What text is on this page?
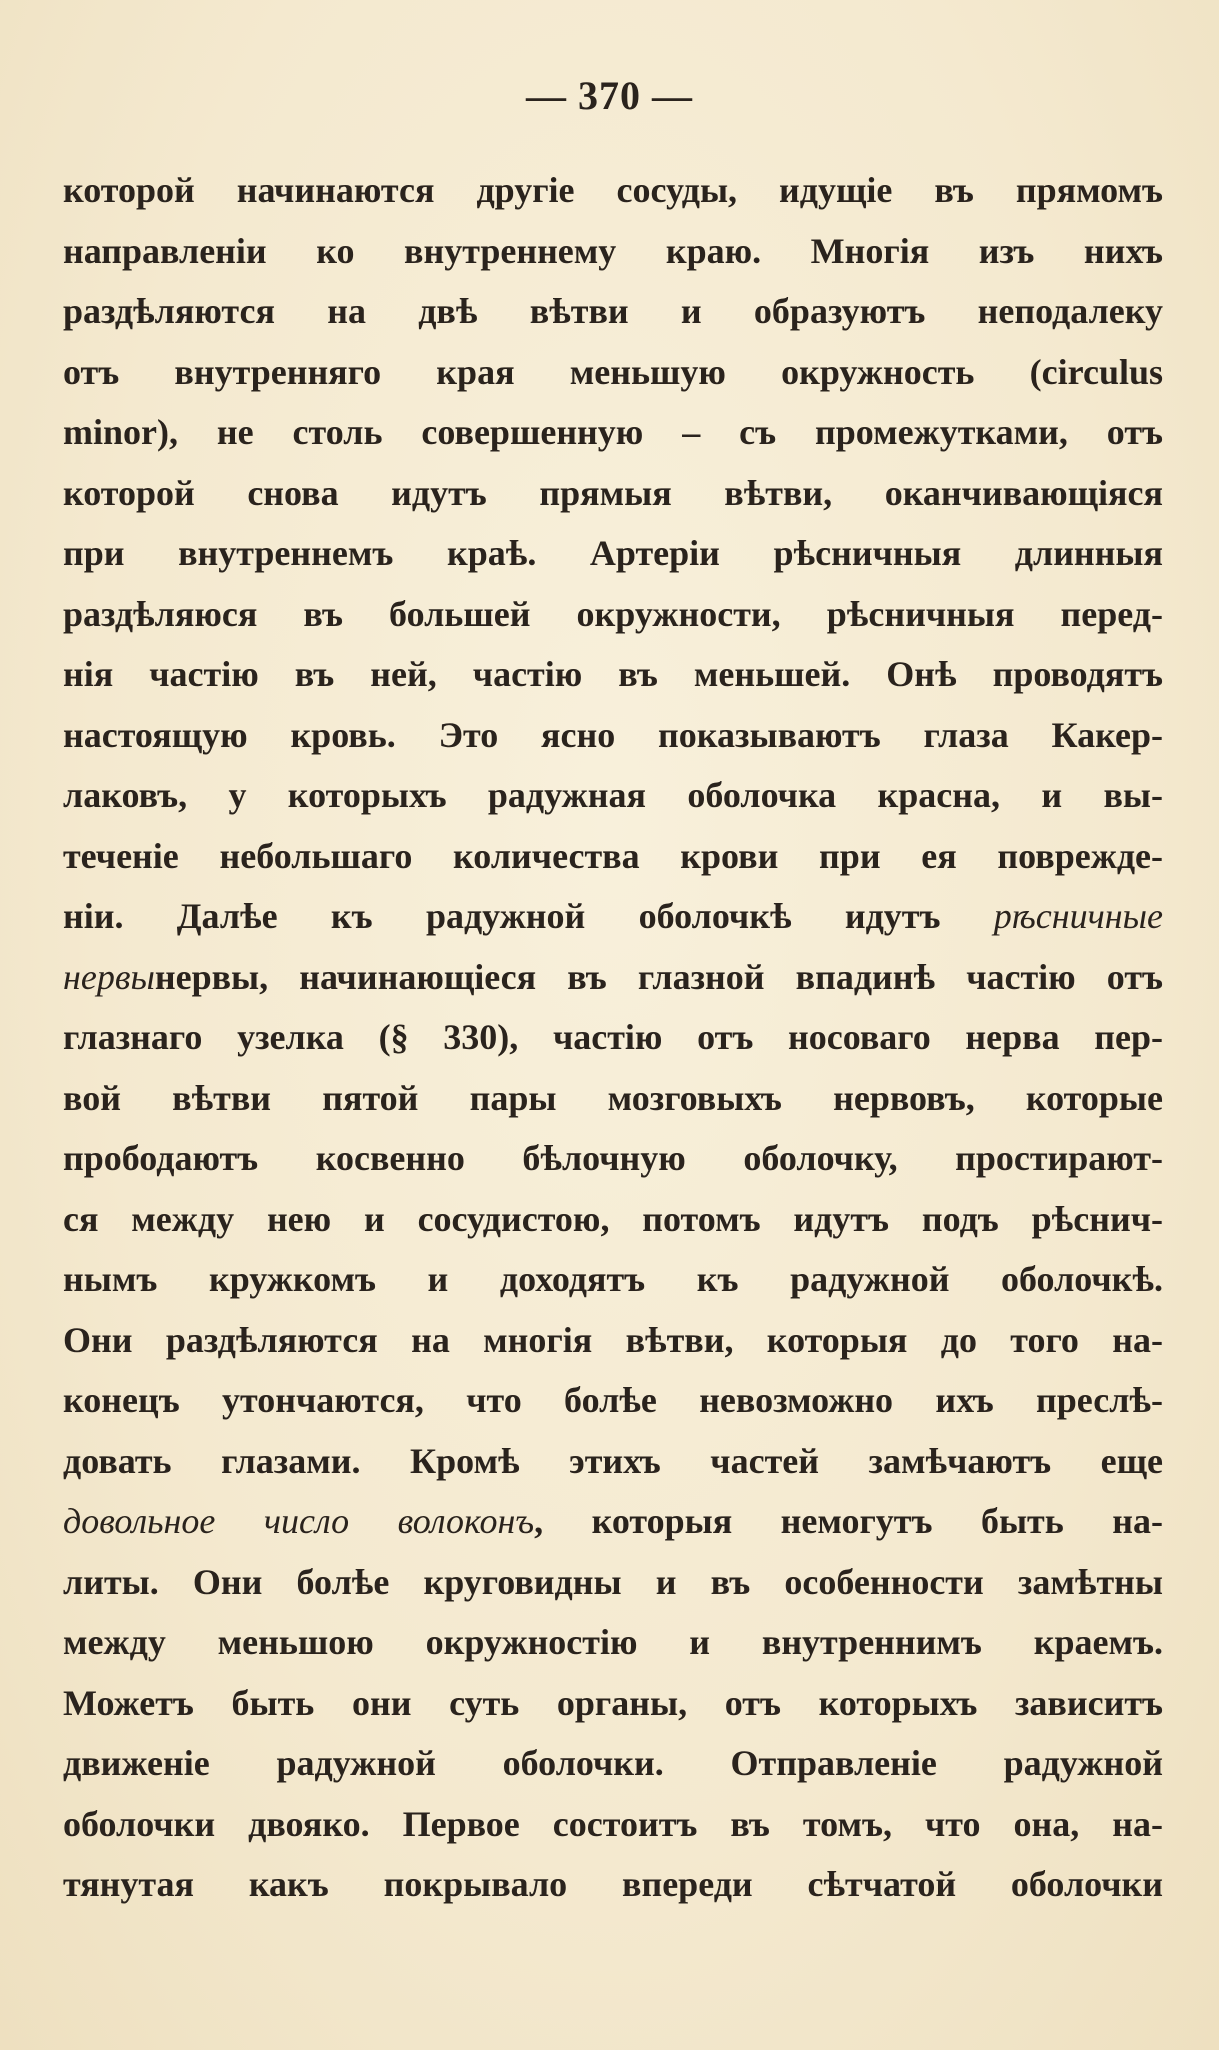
— 370 —
которой начинаются другіе сосуды, идущіе въ прямомъ
направленіи ко внутреннему краю. Многія изъ нихъ
раздѣляются на двѣ вѣтви и образуютъ неподалеку
отъ внутренняго края меньшую окружность (circulus
minor), не столь совершенную – съ промежутками, отъ
которой снова идутъ прямыя вѣтви, оканчивающіяся
при внутреннемъ краѣ. Артеріи рѣсничныя длинныя
раздѣляюся въ большей окружности, рѣсничныя перед-
нія частію въ ней, частію въ меньшей. Онѣ проводятъ
настоящую кровь. Это ясно показываютъ глаза Какер-
лаковъ, у которыхъ радужная оболочка красна, и вы-
теченіе небольшаго количества крови при ея поврежде-
ніи. Далѣе къ радужной оболочкѣ идутъ рѣсничные
нервынервы, начинающіеся въ глазной впадинѣ частію отъ
глазнаго узелка (§ 330), частію отъ носоваго нерва пер-
вой вѣтви пятой пары мозговыхъ нервовъ, которые
прободаютъ косвенно бѣлочную оболочку, простирают-
ся между нею и сосудистою, потомъ идутъ подъ рѣснич-
нымъ кружкомъ и доходятъ къ радужной оболочкѣ.
Они раздѣляются на многія вѣтви, которыя до того на-
конецъ утончаются, что болѣе невозможно ихъ преслѣ-
довать глазами. Кромѣ этихъ частей замѣчаютъ еще
довольное число волоконъ, которыя немогутъ быть на-
литы. Они болѣе круговидны и въ особенности замѣтны
между меньшою окружностію и внутреннимъ краемъ.
Можетъ быть они суть органы, отъ которыхъ зависитъ
движеніе радужной оболочки. Отправленіе радужной
оболочки двояко. Первое состоитъ въ томъ, что она, на-
тянутая какъ покрывало впереди сѣтчатой оболочки
